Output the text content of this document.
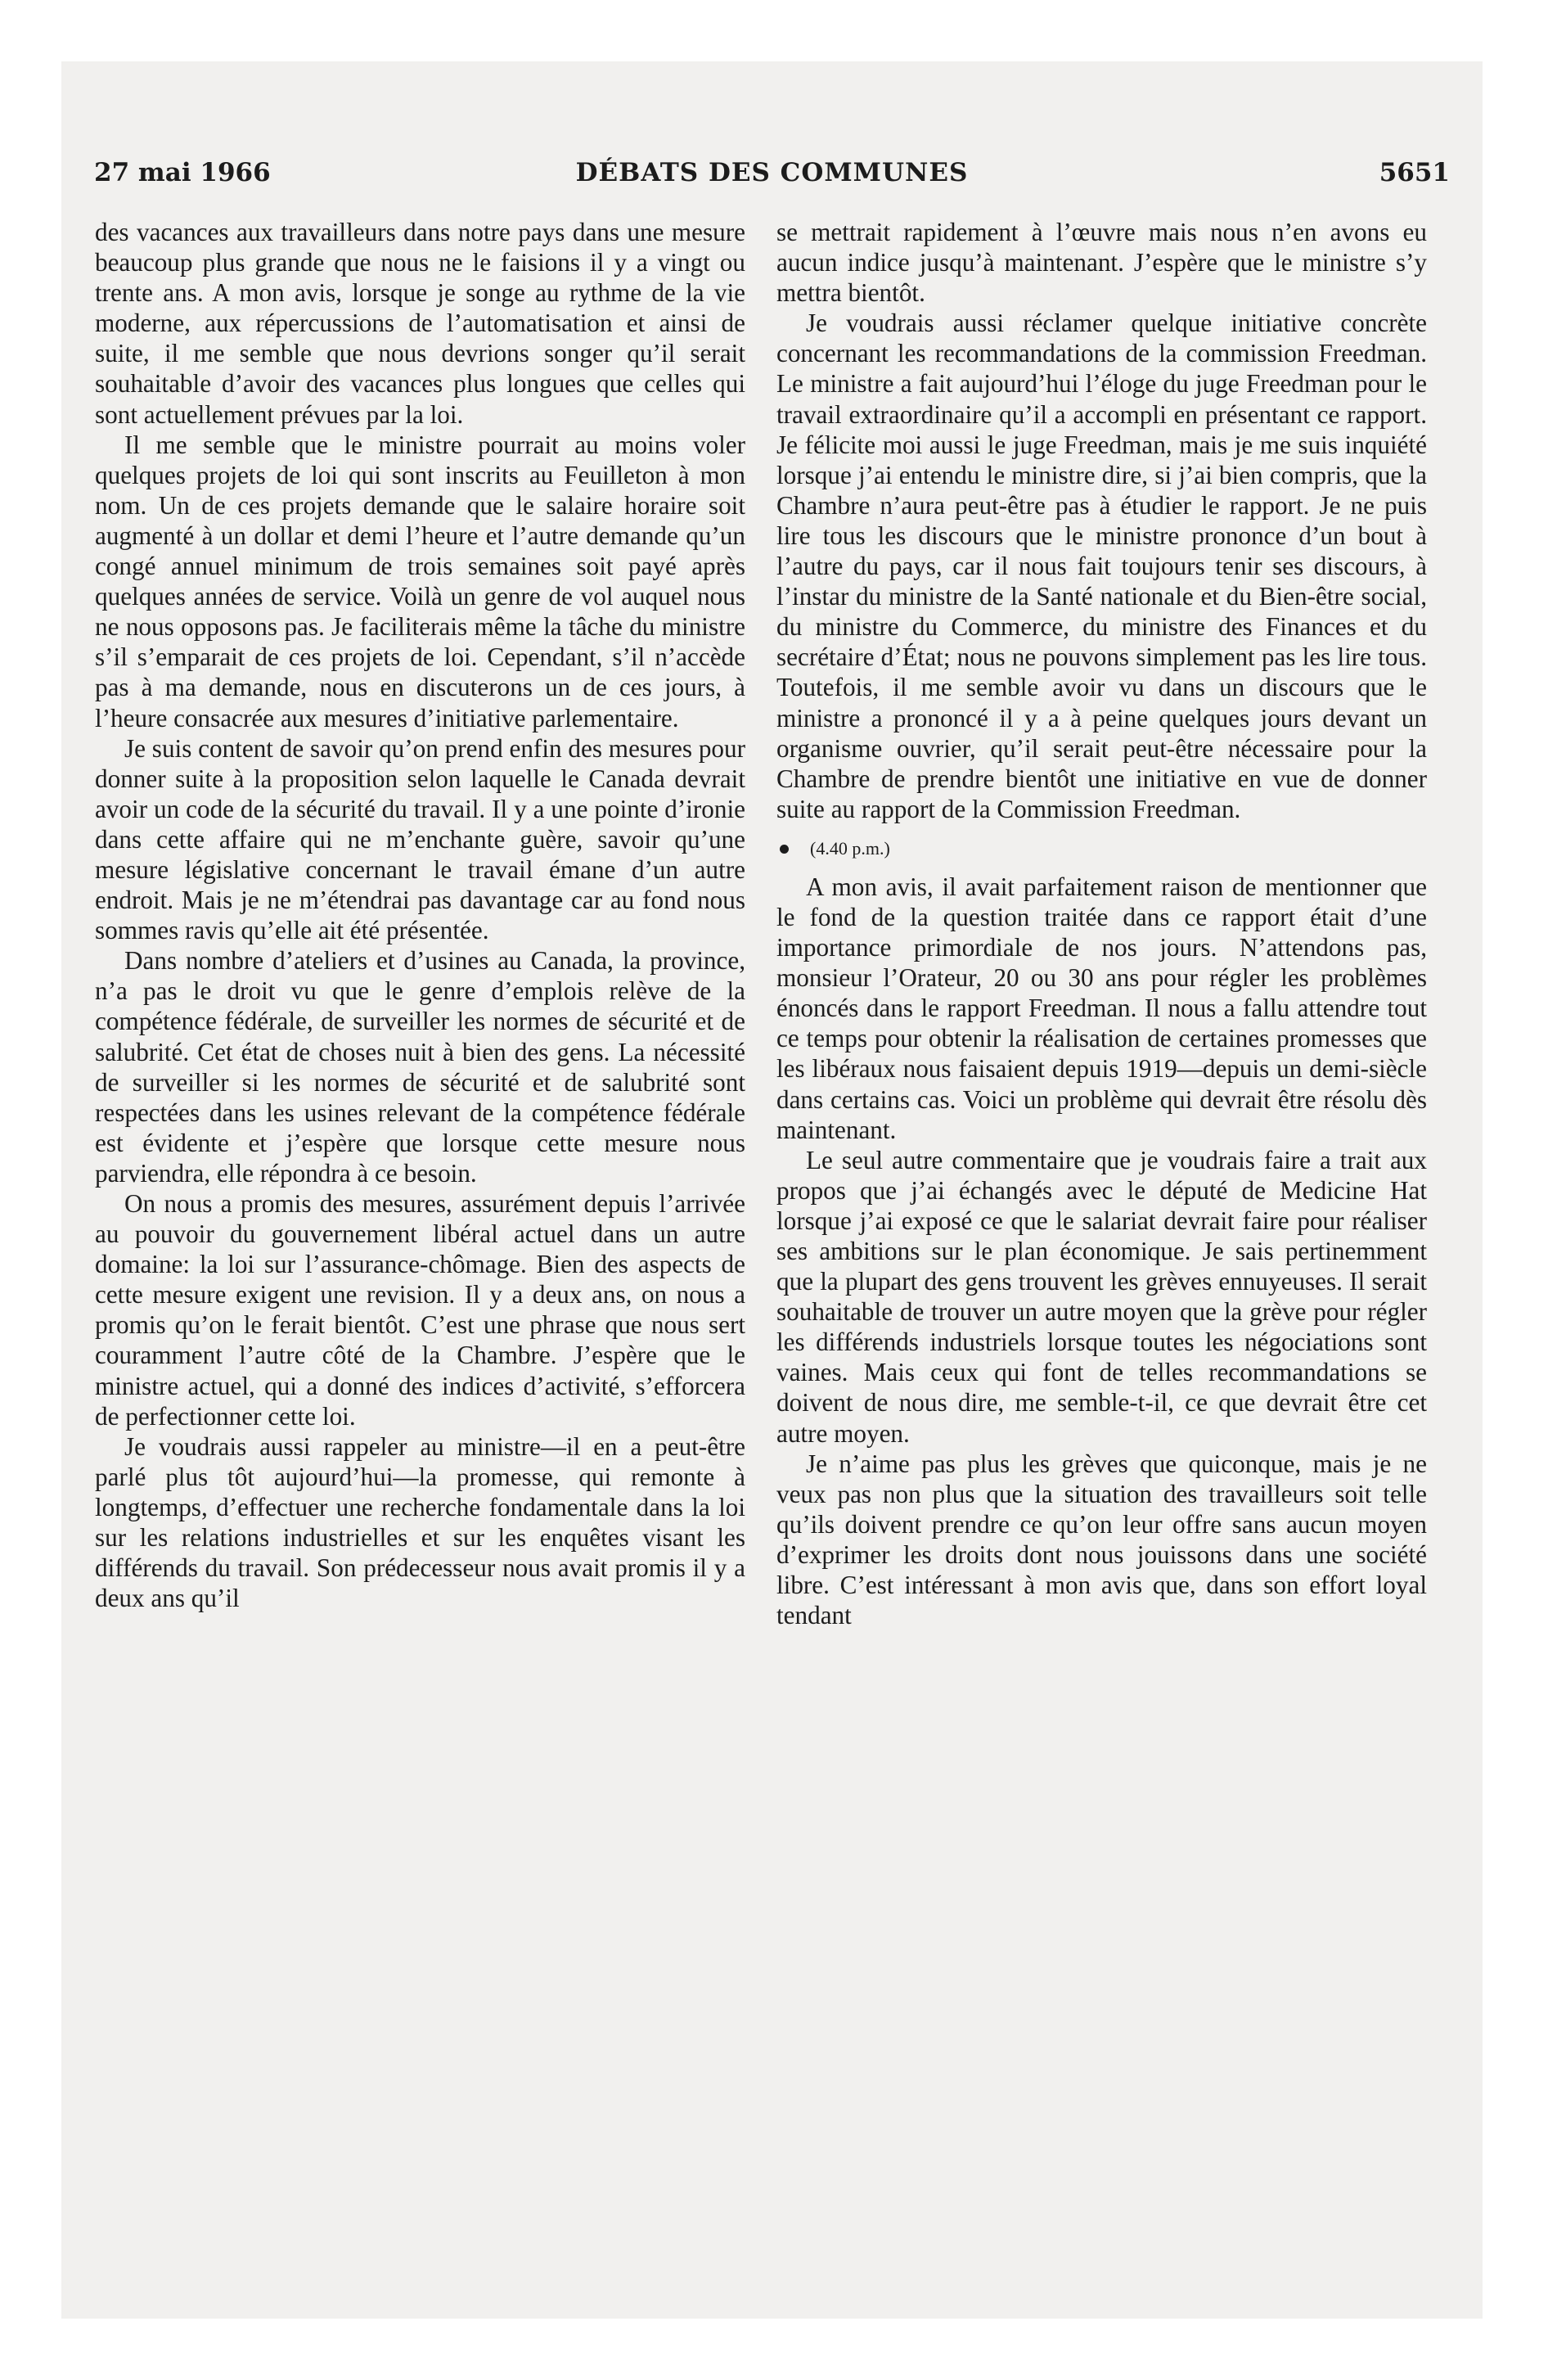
27 mai 1966	DÉBATS DES COMMUNES	5651

des vacances aux travailleurs dans notre pays dans une mesure beaucoup plus grande que nous ne le faisions il y a vingt ou trente ans. A mon avis, lorsque je songe au rythme de la vie moderne, aux répercussions de l’automatisation et ainsi de suite, il me semble que nous devrions songer qu’il serait souhaitable d’avoir des vacances plus longues que celles qui sont actuellement prévues par la loi.

Il me semble que le ministre pourrait au moins voler quelques projets de loi qui sont inscrits au Feuilleton à mon nom. Un de ces projets demande que le salaire horaire soit augmenté à un dollar et demi l’heure et l’autre demande qu’un congé annuel minimum de trois semaines soit payé après quelques années de service. Voilà un genre de vol auquel nous ne nous opposons pas. Je faciliterais même la tâche du ministre s’il s’emparait de ces projets de loi. Cependant, s’il n’accède pas à ma demande, nous en discuterons un de ces jours, à l’heure consacrée aux mesures d’initiative parlementaire.

Je suis content de savoir qu’on prend enfin des mesures pour donner suite à la proposition selon laquelle le Canada devrait avoir un code de la sécurité du travail. Il y a une pointe d’ironie dans cette affaire qui ne m’enchante guère, savoir qu’une mesure législative concernant le travail émane d’un autre endroit. Mais je ne m’étendrai pas davantage car au fond nous sommes ravis qu’elle ait été présentée.

Dans nombre d’ateliers et d’usines au Canada, la province, n’a pas le droit vu que le genre d’emplois relève de la compétence fédérale, de surveiller les normes de sécurité et de salubrité. Cet état de choses nuit à bien des gens. La nécessité de surveiller si les normes de sécurité et de salubrité sont respectées dans les usines relevant de la compétence fédérale est évidente et j’espère que lorsque cette mesure nous parviendra, elle répondra à ce besoin.

On nous a promis des mesures, assurément depuis l’arrivée au pouvoir du gouvernement libéral actuel dans un autre domaine: la loi sur l’assurance-chômage. Bien des aspects de cette mesure exigent une revision. Il y a deux ans, on nous a promis qu’on le ferait bientôt. C’est une phrase que nous sert couramment l’autre côté de la Chambre. J’espère que le ministre actuel, qui a donné des indices d’activité, s’efforcera de perfectionner cette loi.

Je voudrais aussi rappeler au ministre—il en a peut-être parlé plus tôt aujourd’hui—la promesse, qui remonte à longtemps, d’effectuer une recherche fondamentale dans la loi sur les relations industrielles et sur les enquêtes visant les différends du travail. Son prédecesseur nous avait promis il y a deux ans qu’il

se mettrait rapidement à l’œuvre mais nous n’en avons eu aucun indice jusqu’à maintenant. J’espère que le ministre s’y mettra bientôt.

Je voudrais aussi réclamer quelque initiative concrète concernant les recommandations de la commission Freedman. Le ministre a fait aujourd’hui l’éloge du juge Freedman pour le travail extraordinaire qu’il a accompli en présentant ce rapport. Je félicite moi aussi le juge Freedman, mais je me suis inquiété lorsque j’ai entendu le ministre dire, si j’ai bien compris, que la Chambre n’aura peut-être pas à étudier le rapport. Je ne puis lire tous les discours que le ministre prononce d’un bout à l’autre du pays, car il nous fait toujours tenir ses discours, à l’instar du ministre de la Santé nationale et du Bien-être social, du ministre du Commerce, du ministre des Finances et du secrétaire d’État; nous ne pouvons simplement pas les lire tous. Toutefois, il me semble avoir vu dans un discours que le ministre a prononcé il y a à peine quelques jours devant un organisme ouvrier, qu’il serait peut-être nécessaire pour la Chambre de prendre bientôt une initiative en vue de donner suite au rapport de la Commission Freedman.

(4.40 p.m.)

A mon avis, il avait parfaitement raison de mentionner que le fond de la question traitée dans ce rapport était d’une importance primordiale de nos jours. N’attendons pas, monsieur l’Orateur, 20 ou 30 ans pour régler les problèmes énoncés dans le rapport Freedman. Il nous a fallu attendre tout ce temps pour obtenir la réalisation de certaines promesses que les libéraux nous faisaient depuis 1919—depuis un demi-siècle dans certains cas. Voici un problème qui devrait être résolu dès maintenant.

Le seul autre commentaire que je voudrais faire a trait aux propos que j’ai échangés avec le député de Medicine Hat lorsque j’ai exposé ce que le salariat devrait faire pour réaliser ses ambitions sur le plan économique. Je sais pertinemment que la plupart des gens trouvent les grèves ennuyeuses. Il serait souhaitable de trouver un autre moyen que la grève pour régler les différends industriels lorsque toutes les négociations sont vaines. Mais ceux qui font de telles recommandations se doivent de nous dire, me semble-t-il, ce que devrait être cet autre moyen.

Je n’aime pas plus les grèves que quiconque, mais je ne veux pas non plus que la situation des travailleurs soit telle qu’ils doivent prendre ce qu’on leur offre sans aucun moyen d’exprimer les droits dont nous jouissons dans une société libre. C’est intéressant à mon avis que, dans son effort loyal tendant
